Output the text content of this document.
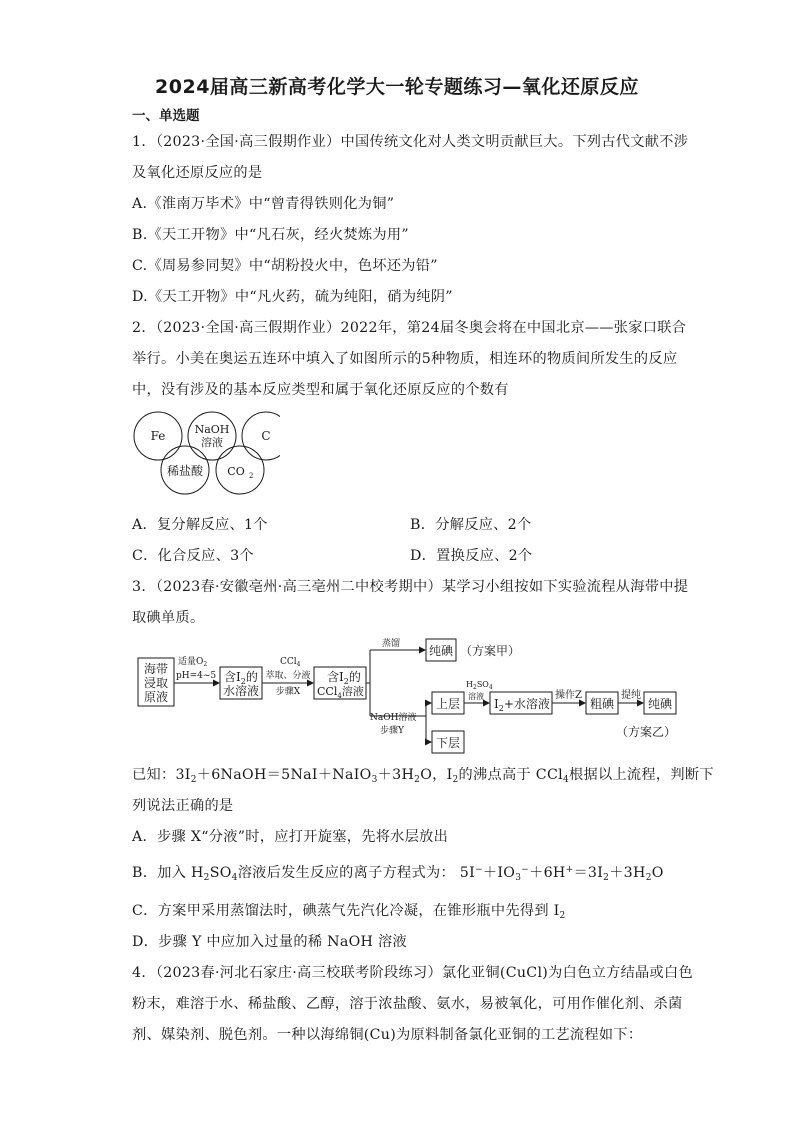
2024届高三新高考化学大一轮专题练习—氧化还原反应
一、单选题
1．（2023·全国·高三假期作业）中国传统文化对人类文明贡献巨大。下列古代文献不涉
及氧化还原反应的是
A.《淮南万毕术》中“曾青得铁则化为铜”
B.《天工开物》中“凡石灰，经火焚炼为用”
C.《周易参同契》中“胡粉投火中，色坏还为铅”
D.《天工开物》中“凡火药，硫为纯阳，硝为纯阴”
2．（2023·全国·高三假期作业）2022年，第24届冬奥会将在中国北京——张家口联合
举行。小美在奥运五连环中填入了如图所示的5种物质，相连环的物质间所发生的反应
中，没有涉及的基本反应类型和属于氧化还原反应的个数有
Fe	NaOH
溶液	C
稀盐酸 CO 2
A．复分解反应、1个	B．分解反应、2个
C．化合反应、3个	D．置换反应、2个
3．（2023春·安徽亳州·高三亳州二中校考期中）某学习小组按如下实验流程从海带中提
取碘单质。
海带
浸取
原液
含$I_2$的
水溶液
含$I_2$的
CCl$_4$溶液
适量$O_2$
pH=4~5
CCl$_4$
萃取、分液
步骤X
蒸馏 纯碘 （方案甲）
NaOH溶液
步骤Y
上层
下层
$H_2SO_4$
溶液
$I_2+$水溶液
操作Z
粗碘
提纯
纯碘
（方案乙）
已知：$3I_2+6NaOH=5NaI+NaIO_3+3H_2O$，$I_2$的沸点高于 CCl$_4$根据以上流程，判断下
列说法正确的是
A．步骤 X“分液”时，应打开旋塞，先将水层放出
B．加入 $H_2SO_4$溶液后发生反应的离子方程式为： $5I^-+IO_3^-+6H^+=3I_2+3H_2O$
C．方案甲采用蒸馏法时，碘蒸气先汽化冷凝，在锥形瓶中先得到 $I_2$
D．步骤 Y 中应加入过量的稀 NaOH 溶液
4．（2023春·河北石家庄·高三校联考阶段练习）氯化亚铜(CuCl)为白色立方结晶或白色
粉末，难溶于水、稀盐酸、乙醇，溶于浓盐酸、氨水，易被氧化，可用作催化剂、杀菌
剂、媒染剂、脱色剂。一种以海绵铜(Cu)为原料制备氯化亚铜的工艺流程如下：
